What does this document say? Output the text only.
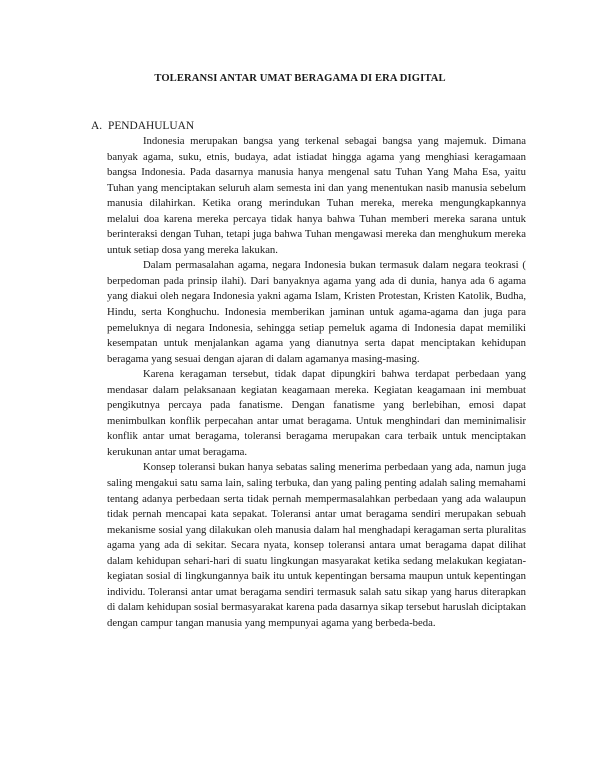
TOLERANSI ANTAR UMAT BERAGAMA DI ERA DIGITAL
A. PENDAHULUAN

Indonesia merupakan bangsa yang terkenal sebagai bangsa yang majemuk. Dimana banyak agama, suku, etnis, budaya, adat istiadat hingga agama yang menghiasi keragamaan bangsa Indonesia. Pada dasarnya manusia hanya mengenal satu Tuhan Yang Maha Esa, yaitu Tuhan yang menciptakan seluruh alam semesta ini dan yang menentukan nasib manusia sebelum manusia dilahirkan. Ketika orang merindukan Tuhan mereka, mereka mengungkapkannya melalui doa karena mereka percaya tidak hanya bahwa Tuhan memberi mereka sarana untuk berinteraksi dengan Tuhan, tetapi juga bahwa Tuhan mengawasi mereka dan menghukum mereka untuk setiap dosa yang mereka lakukan.

Dalam permasalahan agama, negara Indonesia bukan termasuk dalam negara teokrasi ( berpedoman pada prinsip ilahi). Dari banyaknya agama yang ada di dunia, hanya ada 6 agama yang diakui oleh negara Indonesia yakni agama Islam, Kristen Protestan, Kristen Katolik, Budha, Hindu, serta Konghuchu. Indonesia memberikan jaminan untuk agama-agama dan juga para pemeluknya di negara Indonesia, sehingga setiap pemeluk agama di Indonesia dapat memiliki kesempatan untuk menjalankan agama yang dianutnya serta dapat menciptakan kehidupan beragama yang sesuai dengan ajaran di dalam agamanya masing-masing.

Karena keragaman tersebut, tidak dapat dipungkiri bahwa terdapat perbedaan yang mendasar dalam pelaksanaan kegiatan keagamaan mereka. Kegiatan keagamaan ini membuat pengikutnya percaya pada fanatisme. Dengan fanatisme yang berlebihan, emosi dapat menimbulkan konflik perpecahan antar umat beragama. Untuk menghindari dan meminimalisir konflik antar umat beragama, toleransi beragama merupakan cara terbaik untuk menciptakan kerukunan antar umat beragama.

Konsep toleransi bukan hanya sebatas saling menerima perbedaan yang ada, namun juga saling mengakui satu sama lain, saling terbuka, dan yang paling penting adalah saling memahami tentang adanya perbedaan serta tidak pernah mempermasalahkan perbedaan yang ada walaupun tidak pernah mencapai kata sepakat. Toleransi antar umat beragama sendiri merupakan sebuah mekanisme sosial yang dilakukan oleh manusia dalam hal menghadapi keragaman serta pluralitas agama yang ada di sekitar. Secara nyata, konsep toleransi antara umat beragama dapat dilihat dalam kehidupan sehari-hari di suatu lingkungan masyarakat ketika sedang melakukan kegiatan-kegiatan sosial di lingkungannya baik itu untuk kepentingan bersama maupun untuk kepentingan individu. Toleransi antar umat beragama sendiri termasuk salah satu sikap yang harus diterapkan di dalam kehidupan sosial bermasyarakat karena pada dasarnya sikap tersebut haruslah diciptakan dengan campur tangan manusia yang mempunyai agama yang berbeda-beda.
